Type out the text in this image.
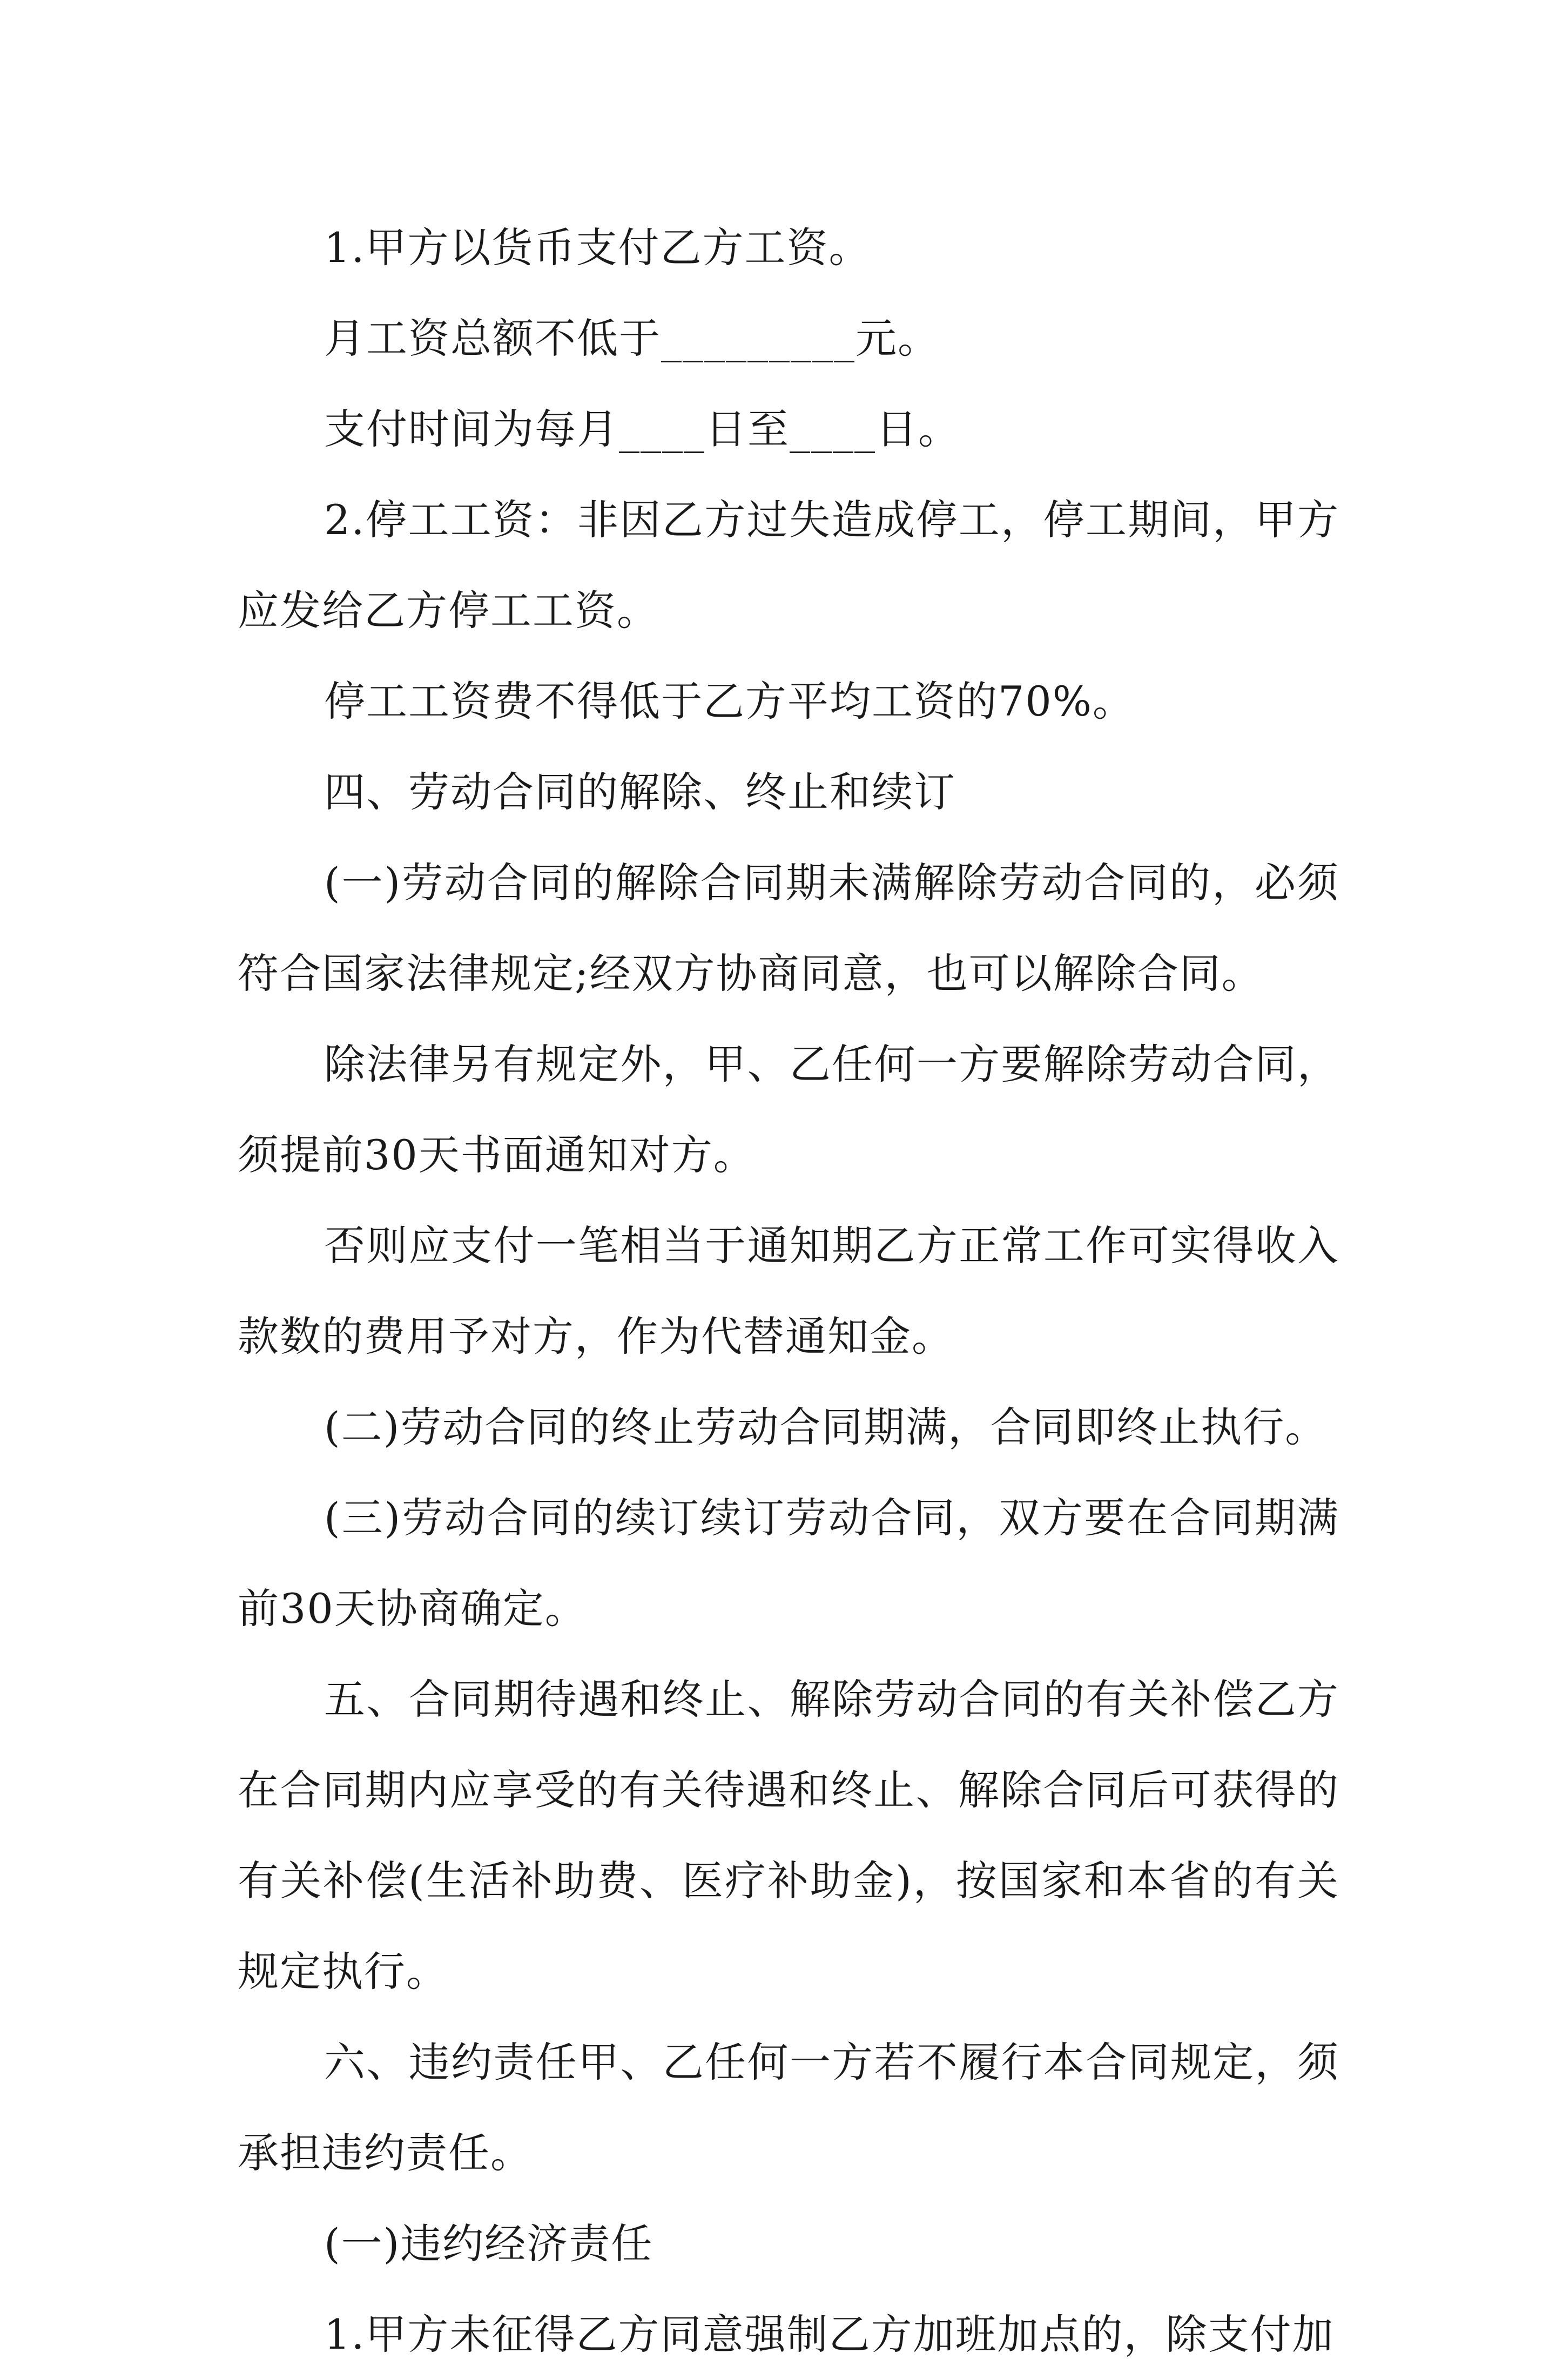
1.甲方以货币支付乙方工资。

月工资总额不低于_________元。

支付时间为每月____日至____日。

2.停工工资：非因乙方过失造成停工，停工期间，甲方应发给乙方停工工资。

停工工资费不得低于乙方平均工资的70%。

四、劳动合同的解除、终止和续订

(一)劳动合同的解除合同期未满解除劳动合同的，必须符合国家法律规定;经双方协商同意，也可以解除合同。

除法律另有规定外，甲、乙任何一方要解除劳动合同，须提前30天书面通知对方。

否则应支付一笔相当于通知期乙方正常工作可实得收入款数的费用予对方，作为代替通知金。

(二)劳动合同的终止劳动合同期满，合同即终止执行。

(三)劳动合同的续订续订劳动合同，双方要在合同期满前30天协商确定。

五、合同期待遇和终止、解除劳动合同的有关补偿乙方在合同期内应享受的有关待遇和终止、解除合同后可获得的有关补偿(生活补助费、医疗补助金)，按国家和本省的有关规定执行。

六、违约责任甲、乙任何一方若不履行本合同规定，须承担违约责任。

(一)违约经济责任

1.甲方未征得乙方同意强制乙方加班加点的，除支付加
